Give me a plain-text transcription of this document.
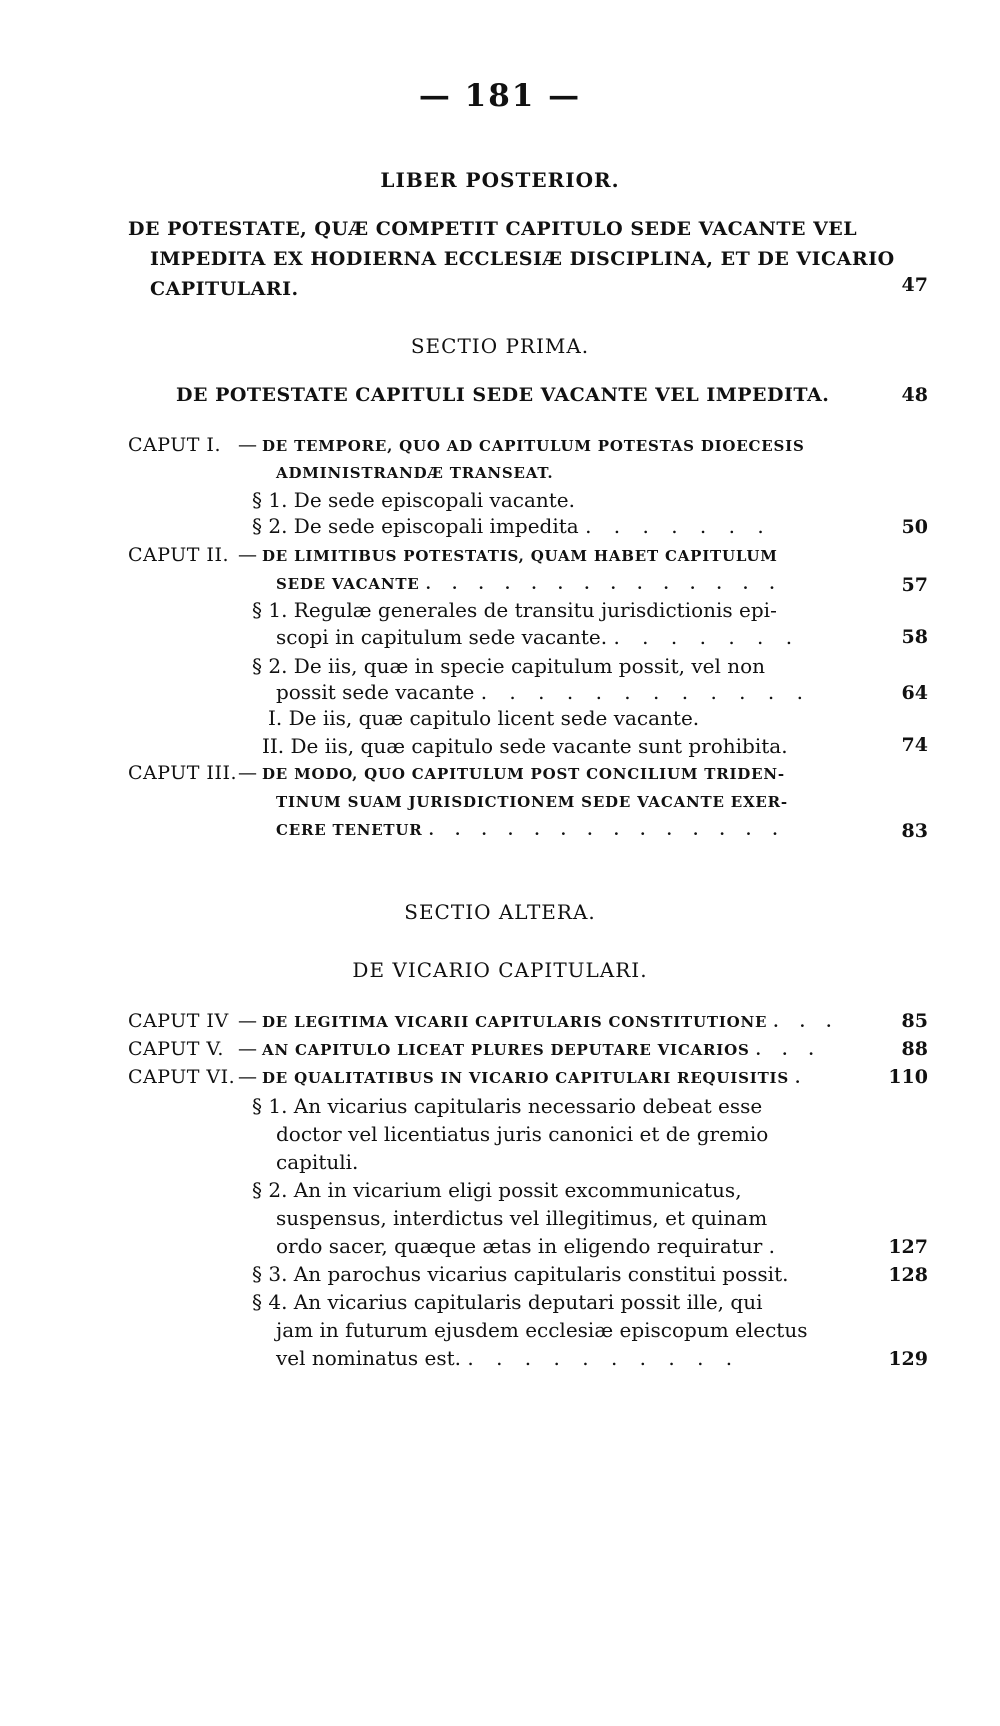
— 181 —
LIBER POSTERIOR.
DE POTESTATE, QUÆ COMPETIT CAPITULO SEDE VACANTE VEL
IMPEDITA EX HODIERNA ECCLESIÆ DISCIPLINA, ET DE VICARIO
CAPITULARI.	47
SECTIO PRIMA.
DE POTESTATE CAPITULI SEDE VACANTE VEL IMPEDITA.	48
CAPUT I. — DE TEMPORE, QUO AD CAPITULUM POTESTAS DIOECESIS
ADMINISTRANDÆ TRANSEAT.
§ 1. De sede episcopali vacante.
§ 2. De sede episcopali impedita . . . . . . .	50
CAPUT II. — DE LIMITIBUS POTESTATIS, QUAM HABET CAPITULUM
SEDE VACANTE . . . . . . . . . . . . . .	57
§ 1. Regulæ generales de transitu jurisdictionis epi-
scopi in capitulum sede vacante. . . . . . . .	58
§ 2. De iis, quæ in specie capitulum possit, vel non
possit sede vacante . . . . . . . . . . . .	64
I. De iis, quæ capitulo licent sede vacante.
II. De iis, quæ capitulo sede vacante sunt prohibita.	74
CAPUT III. — DE MODO, QUO CAPITULUM POST CONCILIUM TRIDEN-
TINUM SUAM JURISDICTIONEM SEDE VACANTE EXER-
CERE TENETUR . . . . . . . . . . . . . .	83
SECTIO ALTERA.
DE VICARIO CAPITULARI.
CAPUT IV — DE LEGITIMA VICARII CAPITULARIS CONSTITUTIONE . . .	85
CAPUT V. — AN CAPITULO LICEAT PLURES DEPUTARE VICARIOS . . .	88
CAPUT VI. — DE QUALITATIBUS IN VICARIO CAPITULARI REQUISITIS .	110
§ 1. An vicarius capitularis necessario debeat esse
doctor vel licentiatus juris canonici et de gremio
capituli.
§ 2. An in vicarium eligi possit excommunicatus,
suspensus, interdictus vel illegitimus, et quinam
ordo sacer, quæque ætas in eligendo requiratur .	127
§ 3. An parochus vicarius capitularis constitui possit.	128
§ 4. An vicarius capitularis deputari possit ille, qui
jam in futurum ejusdem ecclesiæ episcopum electus
vel nominatus est. . . . . . . . . . .	129
